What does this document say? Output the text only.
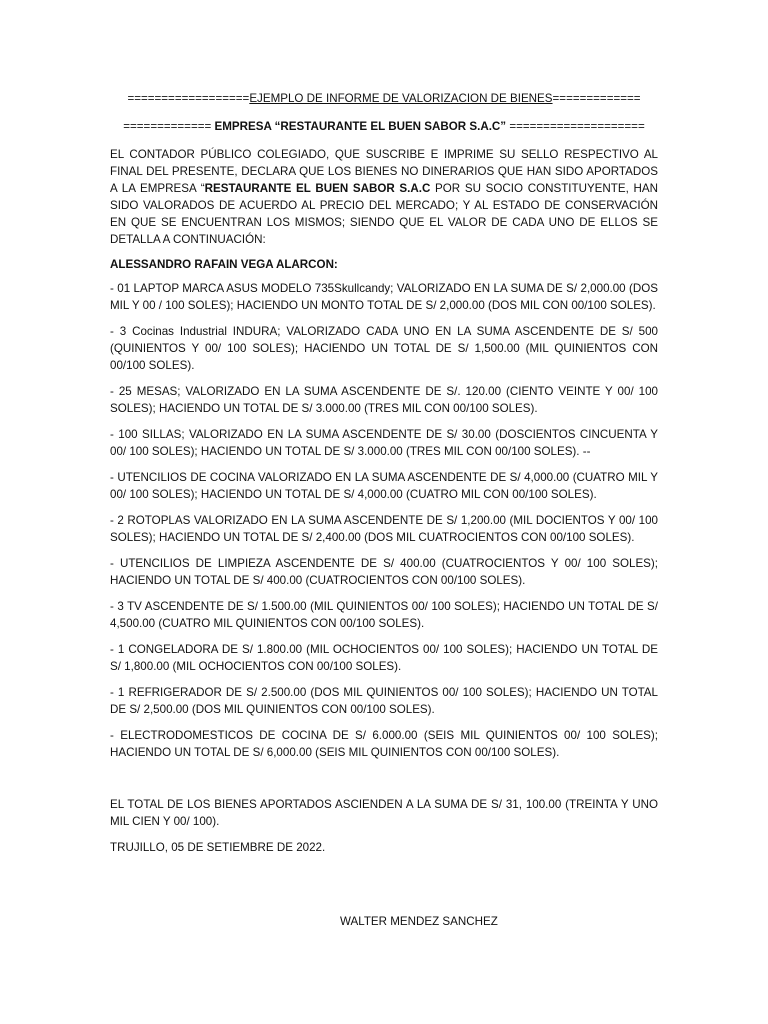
==================EJEMPLO DE INFORME DE VALORIZACION DE BIENES=============
============= EMPRESA “RESTAURANTE EL BUEN SABOR S.A.C” ====================

EL CONTADOR PÚBLICO COLEGIADO, QUE SUSCRIBE E IMPRIME SU SELLO RESPECTIVO AL FINAL DEL PRESENTE, DECLARA QUE LOS BIENES NO DINERARIOS QUE HAN SIDO APORTADOS A LA EMPRESA “RESTAURANTE EL BUEN SABOR S.A.C POR SU SOCIO CONSTITUYENTE, HAN SIDO VALORADOS DE ACUERDO AL PRECIO DEL MERCADO; Y AL ESTADO DE CONSERVACIÓN EN QUE SE ENCUENTRAN LOS MISMOS; SIENDO QUE EL VALOR DE CADA UNO DE ELLOS SE DETALLA A CONTINUACIÓN:

ALESSANDRO RAFAIN VEGA ALARCON:

- 01 LAPTOP MARCA ASUS MODELO 735Skullcandy; VALORIZADO EN LA SUMA DE S/ 2,000.00 (DOS MIL Y 00 / 100 SOLES); HACIENDO UN MONTO TOTAL DE S/ 2,000.00 (DOS MIL CON 00/100 SOLES).

- 3 Cocinas Industrial INDURA; VALORIZADO CADA UNO EN LA SUMA ASCENDENTE DE S/ 500 (QUINIENTOS Y 00/ 100 SOLES); HACIENDO UN TOTAL DE S/ 1,500.00 (MIL QUINIENTOS CON 00/100 SOLES).

- 25 MESAS; VALORIZADO EN LA SUMA ASCENDENTE DE S/. 120.00 (CIENTO VEINTE Y 00/ 100 SOLES); HACIENDO UN TOTAL DE S/ 3.000.00 (TRES MIL CON 00/100 SOLES).

- 100 SILLAS; VALORIZADO EN LA SUMA ASCENDENTE DE S/ 30.00 (DOSCIENTOS CINCUENTA Y 00/ 100 SOLES); HACIENDO UN TOTAL DE S/ 3.000.00 (TRES MIL CON 00/100 SOLES). --

- UTENCILIOS DE COCINA VALORIZADO EN LA SUMA ASCENDENTE DE S/ 4,000.00 (CUATRO MIL Y 00/ 100 SOLES); HACIENDO UN TOTAL DE S/ 4,000.00 (CUATRO MIL CON 00/100 SOLES).

- 2 ROTOPLAS VALORIZADO EN LA SUMA ASCENDENTE DE S/ 1,200.00 (MIL DOCIENTOS Y 00/ 100 SOLES); HACIENDO UN TOTAL DE S/ 2,400.00 (DOS MIL CUATROCIENTOS CON 00/100 SOLES).

- UTENCILIOS DE LIMPIEZA ASCENDENTE DE S/ 400.00 (CUATROCIENTOS Y 00/ 100 SOLES); HACIENDO UN TOTAL DE S/ 400.00 (CUATROCIENTOS CON 00/100 SOLES).

- 3 TV ASCENDENTE DE S/ 1.500.00 (MIL QUINIENTOS 00/ 100 SOLES); HACIENDO UN TOTAL DE S/ 4,500.00 (CUATRO MIL QUINIENTOS CON 00/100 SOLES).

- 1 CONGELADORA DE S/ 1.800.00 (MIL OCHOCIENTOS 00/ 100 SOLES); HACIENDO UN TOTAL DE S/ 1,800.00 (MIL OCHOCIENTOS CON 00/100 SOLES).

- 1 REFRIGERADOR DE S/ 2.500.00 (DOS MIL QUINIENTOS 00/ 100 SOLES); HACIENDO UN TOTAL DE S/ 2,500.00 (DOS MIL QUINIENTOS CON 00/100 SOLES).

- ELECTRODOMESTICOS DE COCINA DE S/ 6.000.00 (SEIS MIL QUINIENTOS 00/ 100 SOLES); HACIENDO UN TOTAL DE S/ 6,000.00 (SEIS MIL QUINIENTOS CON 00/100 SOLES).

EL TOTAL DE LOS BIENES APORTADOS ASCIENDEN A LA SUMA DE S/ 31, 100.00 (TREINTA Y UNO MIL CIEN Y 00/ 100).

TRUJILLO, 05 DE SETIEMBRE DE 2022.

WALTER MENDEZ SANCHEZ
